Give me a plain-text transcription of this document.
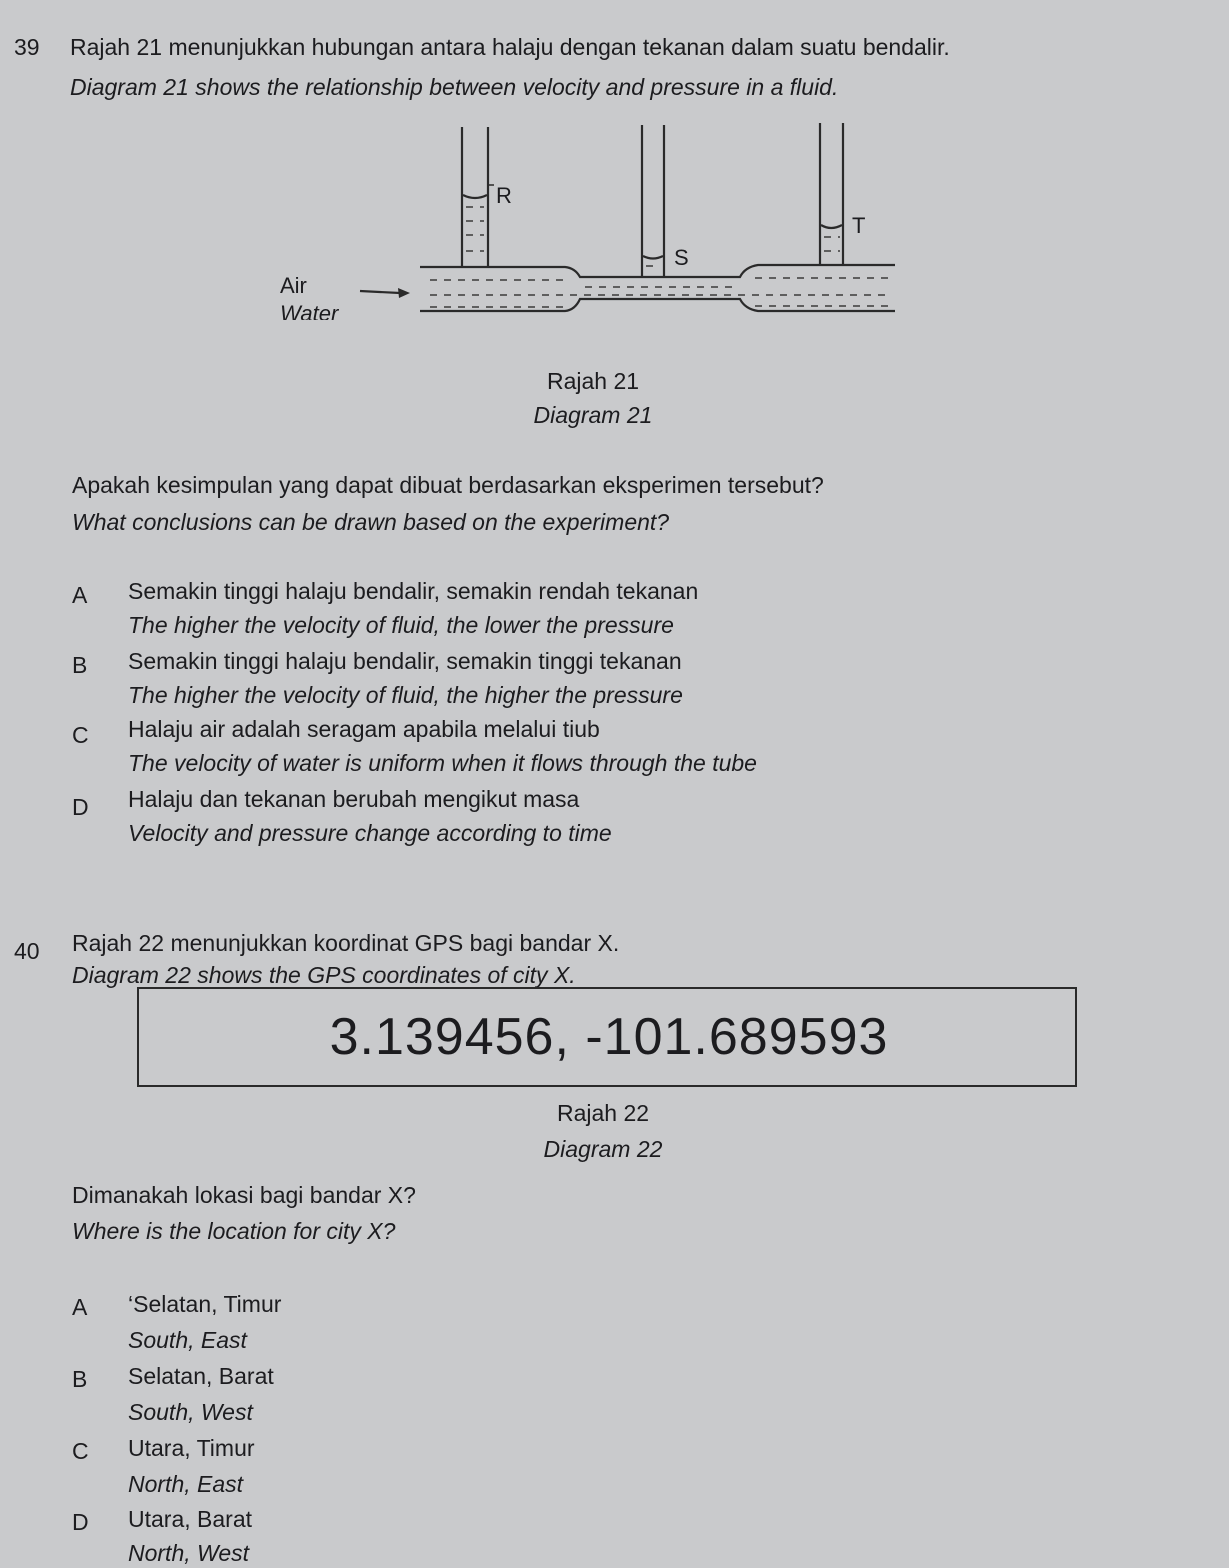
39 Rajah 21 menunjukkan hubungan antara halaju dengan tekanan dalam suatu bendalir.
Diagram 21 shows the relationship between velocity and pressure in a fluid.
R
S
T
Air
Water
Rajah 21
Diagram 21
Apakah kesimpulan yang dapat dibuat berdasarkan eksperimen tersebut?
What conclusions can be drawn based on the experiment?
A Semakin tinggi halaju bendalir, semakin rendah tekanan
The higher the velocity of fluid, the lower the pressure
B Semakin tinggi halaju bendalir, semakin tinggi tekanan
The higher the velocity of fluid, the higher the pressure
C Halaju air adalah seragam apabila melalui tiub
The velocity of water is uniform when it flows through the tube
D Halaju dan tekanan berubah mengikut masa
Velocity and pressure change according to time
40 Rajah 22 menunjukkan koordinat GPS bagi bandar X.
Diagram 22 shows the GPS coordinates of city X.
3.139456, -101.689593
Rajah 22
Diagram 22
Dimanakah lokasi bagi bandar X?
Where is the location for city X?
A ‘Selatan, Timur
South, East
B Selatan, Barat
South, West
C Utara, Timur
North, East
D Utara, Barat
North, West
